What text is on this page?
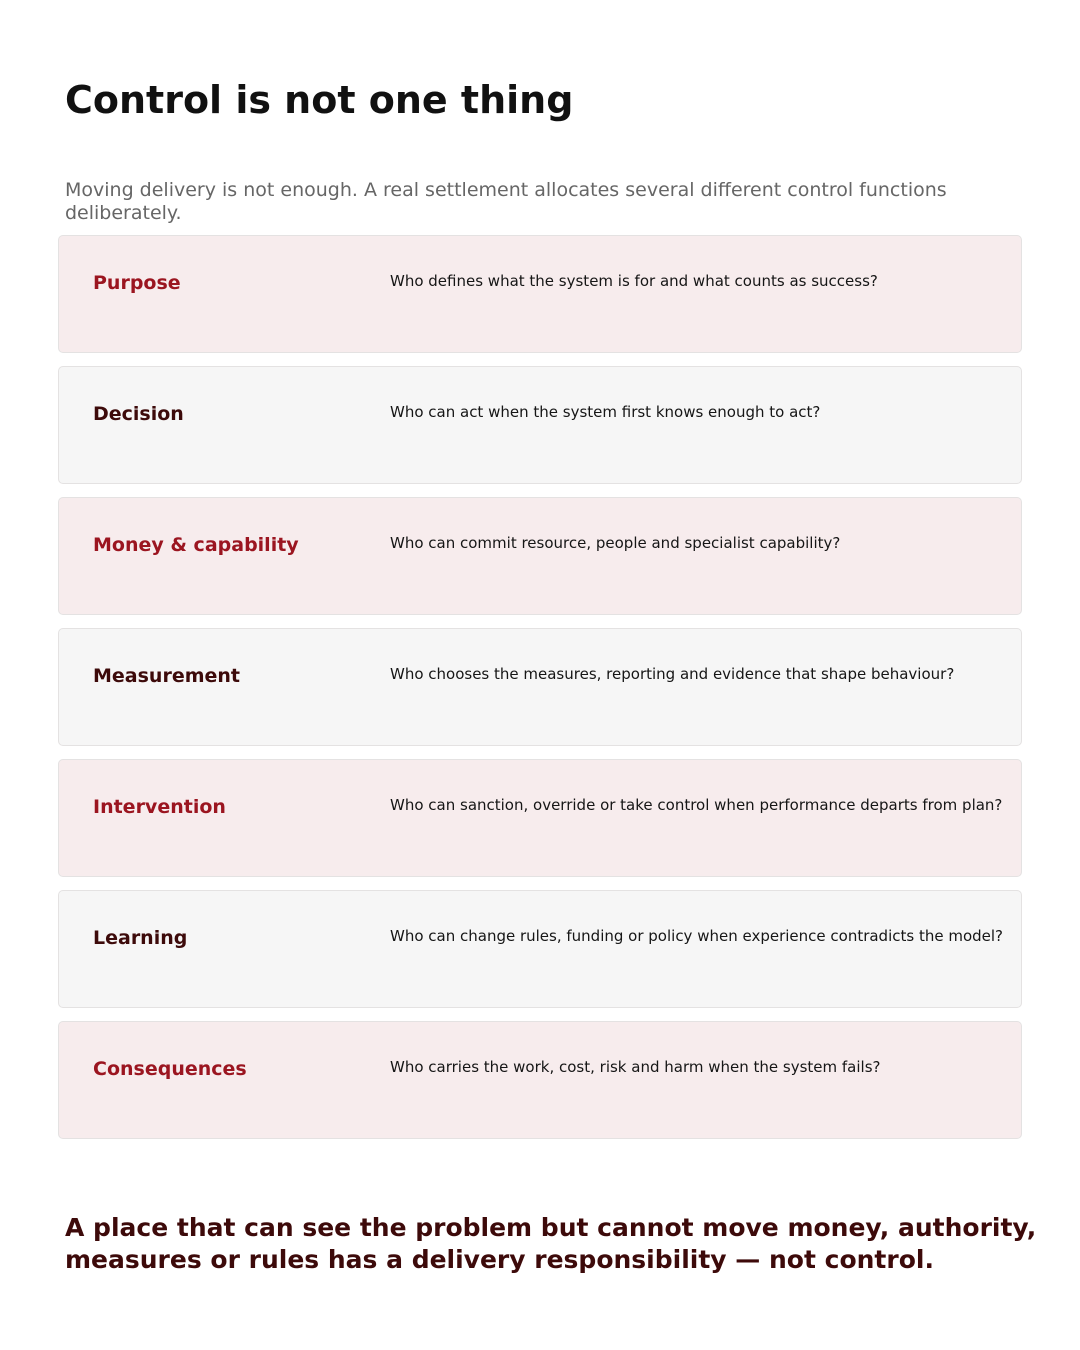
Control is not one thing

Moving delivery is not enough. A real settlement allocates several different control functions deliberately.

Purpose	Who defines what the system is for and what counts as success?
Decision	Who can act when the system first knows enough to act?
Money & capability	Who can commit resource, people and specialist capability?
Measurement	Who chooses the measures, reporting and evidence that shape behaviour?
Intervention	Who can sanction, override or take control when performance departs from plan?
Learning	Who can change rules, funding or policy when experience contradicts the model?
Consequences	Who carries the work, cost, risk and harm when the system fails?

A place that can see the problem but cannot move money, authority, measures or rules has a delivery responsibility — not control.
